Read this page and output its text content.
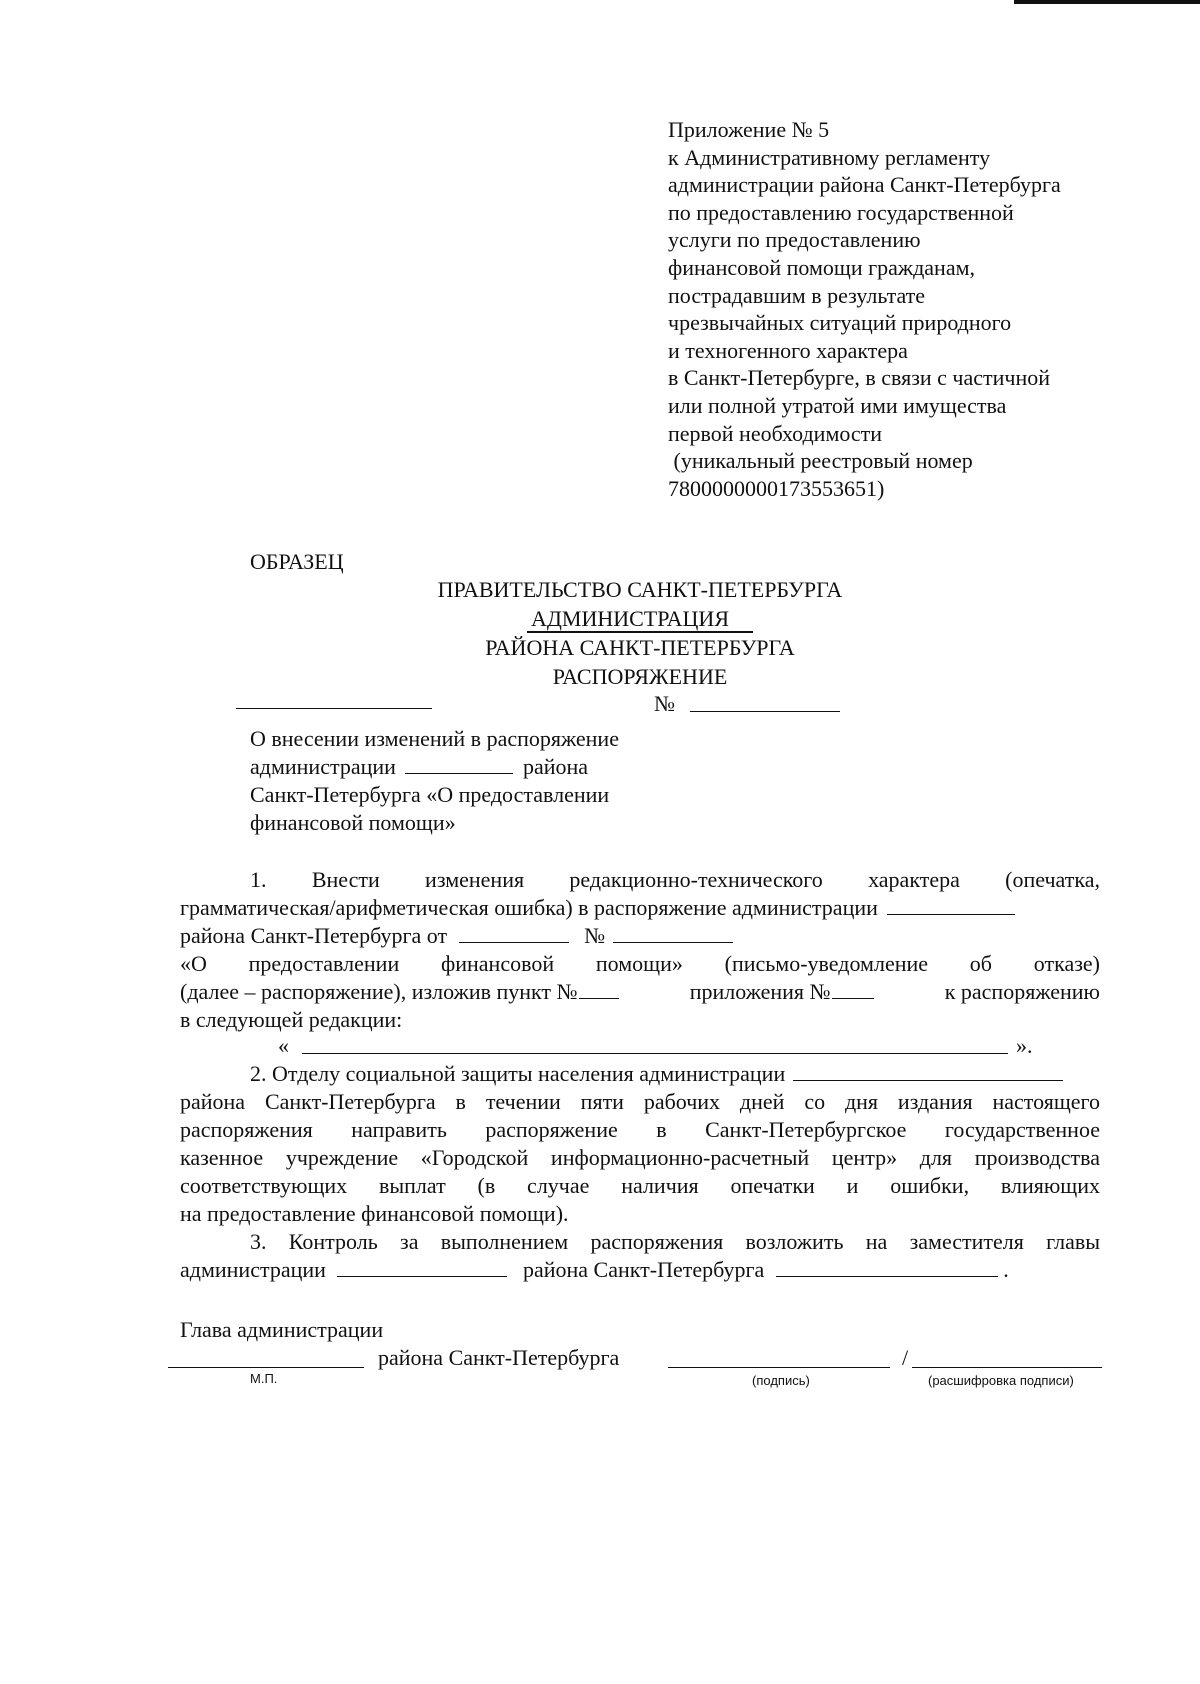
Приложение № 5
к Административному регламенту
администрации района Санкт-Петербурга
по предоставлению государственной
услуги по предоставлению
финансовой помощи гражданам,
пострадавшим в результате
чрезвычайных ситуаций природного
и техногенного характера
в Санкт-Петербурге, в связи с частичной
или полной утратой ими имущества
первой необходимости
(уникальный реестровый номер
7800000000173553651)
ОБРАЗЕЦ
ПРАВИТЕЛЬСТВО САНКТ-ПЕТЕРБУРГА
АДМИНИСТРАЦИЯ
РАЙОНА САНКТ-ПЕТЕРБУРГА
РАСПОРЯЖЕНИЕ
№
О внесении изменений в распоряжение
администрации	района
Санкт-Петербурга «О предоставлении
финансовой помощи»
1. Внести изменения редакционно-технического характера (опечатка,
грамматическая/арифметическая ошибка) в распоряжение администрации
района Санкт-Петербурга от	№
«О предоставлении финансовой помощи» (письмо-уведомление об отказе)
(далее – распоряжение), изложив пункт №	приложения №	к распоряжению
в следующей редакции:
«	».
2. Отделу социальной защиты населения администрации
района Санкт-Петербурга в течении пяти рабочих дней со дня издания настоящего
распоряжения направить распоряжение в Санкт-Петербургское государственное
казенное учреждение «Городской информационно-расчетный центр» для производства
соответствующих выплат (в случае наличия опечатки и ошибки, влияющих
на предоставление финансовой помощи).
3. Контроль за выполнением распоряжения возложить на заместителя главы
администрации	района Санкт-Петербурга	.
Глава администрации
района Санкт-Петербурга	/
М.П.	(подпись)	(расшифровка подписи)
